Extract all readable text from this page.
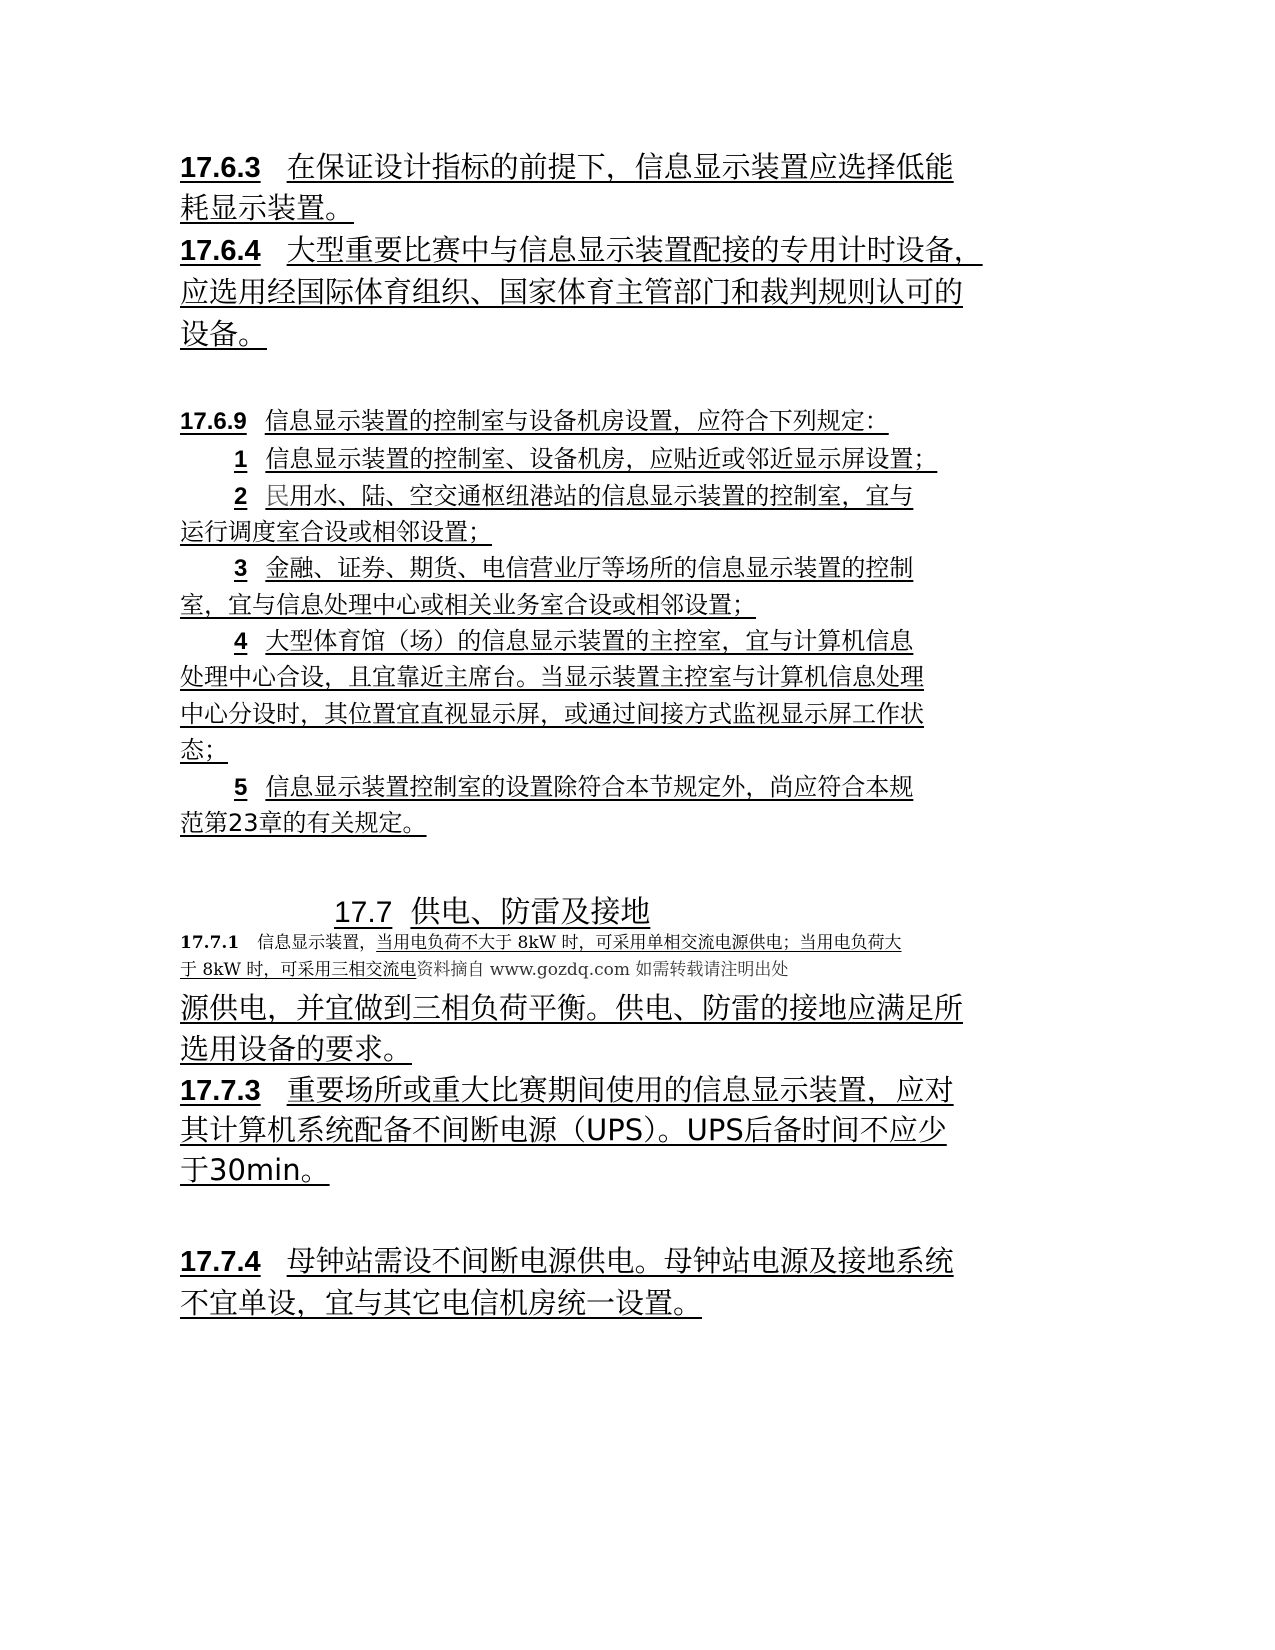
17.6.3 在保证设计指标的前提下，信息显示装置应选择低能
耗显示装置。
17.6.4 大型重要比赛中与信息显示装置配接的专用计时设备，
应选用经国际体育组织、国家体育主管部门和裁判规则认可的
设备。
17.6.9 信息显示装置的控制室与设备机房设置，应符合下列规定：
1 信息显示装置的控制室、设备机房，应贴近或邻近显示屏设置；
2 民用水、陆、空交通枢纽港站的信息显示装置的控制室，宜与
运行调度室合设或相邻设置；
3 金融、证券、期货、电信营业厅等场所的信息显示装置的控制
室，宜与信息处理中心或相关业务室合设或相邻设置；
4 大型体育馆（场）的信息显示装置的主控室，宜与计算机信息
处理中心合设，且宜靠近主席台。当显示装置主控室与计算机信息处理
中心分设时，其位置宜直视显示屏，或通过间接方式监视显示屏工作状
态；
5 信息显示装置控制室的设置除符合本节规定外，尚应符合本规
范第23章的有关规定。
17.7 供电、防雷及接地
17.7.1 信息显示装置，当用电负荷不大于 8kW 时，可采用单相交流电源供电；当用电负荷大
于 8kW 时，可采用三相交流电资料摘自 www.gozdq.com 如需转载请注明出处
源供电，并宜做到三相负荷平衡。供电、防雷的接地应满足所
选用设备的要求。
17.7.3 重要场所或重大比赛期间使用的信息显示装置，应对
其计算机系统配备不间断电源（UPS）。UPS后备时间不应少
于30min。
17.7.4 母钟站需设不间断电源供电。母钟站电源及接地系统
不宜单设，宜与其它电信机房统一设置。
